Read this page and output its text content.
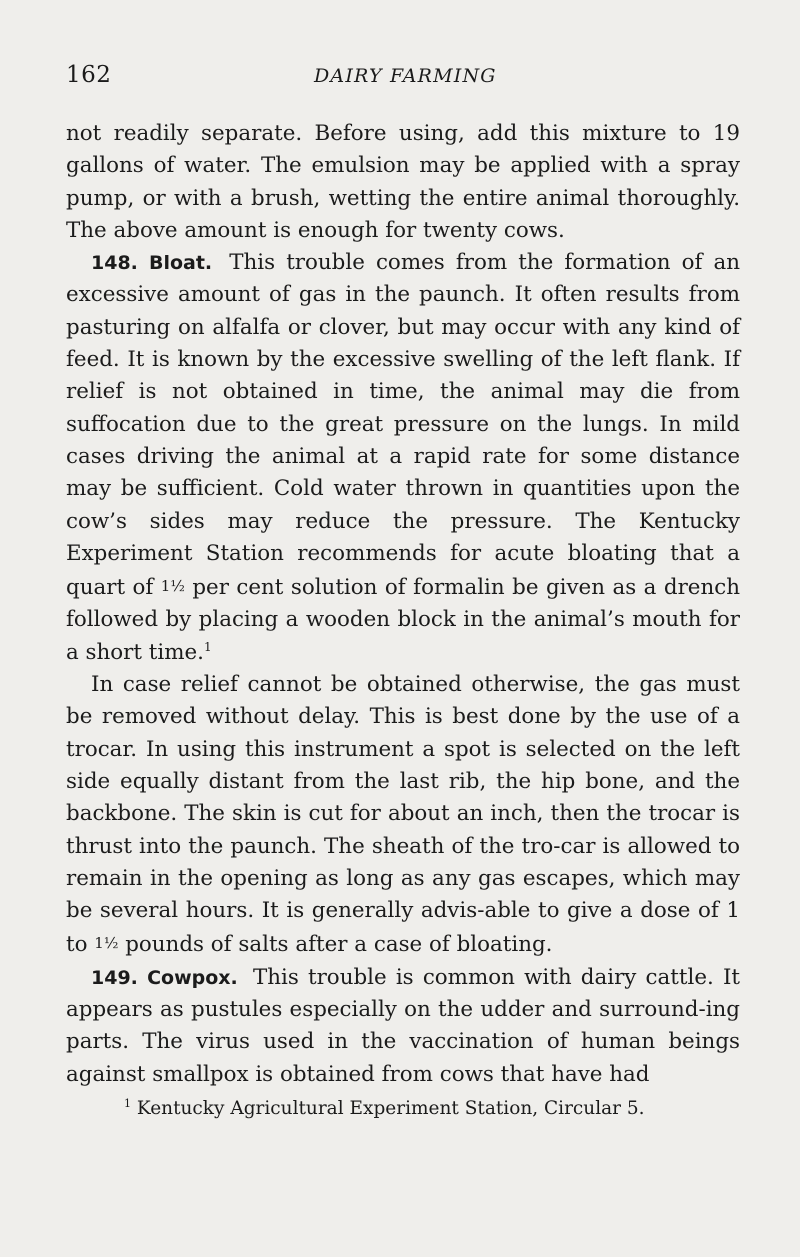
162	DAIRY FARMING

not readily separate. Before using, add this mixture to 19 gallons of water. The emulsion may be applied with a spray pump, or with a brush, wetting the entire animal thoroughly. The above amount is enough for twenty cows.

148. Bloat. This trouble comes from the formation of an excessive amount of gas in the paunch. It often results from pasturing on alfalfa or clover, but may occur with any kind of feed. It is known by the excessive swelling of the left flank. If relief is not obtained in time, the animal may die from suffocation due to the great pressure on the lungs. In mild cases driving the animal at a rapid rate for some distance may be sufficient. Cold water thrown in quantities upon the cow’s sides may reduce the pressure. The Kentucky Experiment Station recommends for acute bloating that a quart of 1½ per cent solution of formalin be given as a drench followed by placing a wooden block in the animal’s mouth for a short time.$^1$

In case relief cannot be obtained otherwise, the gas must be removed without delay. This is best done by the use of a trocar. In using this instrument a spot is selected on the left side equally distant from the last rib, the hip bone, and the backbone. The skin is cut for about an inch, then the trocar is thrust into the paunch. The sheath of the tro-car is allowed to remain in the opening as long as any gas escapes, which may be several hours. It is generally advis-able to give a dose of 1 to 1½ pounds of salts after a case of bloating.

149. Cowpox. This trouble is common with dairy cattle. It appears as pustules especially on the udder and surround-ing parts. The virus used in the vaccination of human beings against smallpox is obtained from cows that have had

$^1$ Kentucky Agricultural Experiment Station, Circular 5.
